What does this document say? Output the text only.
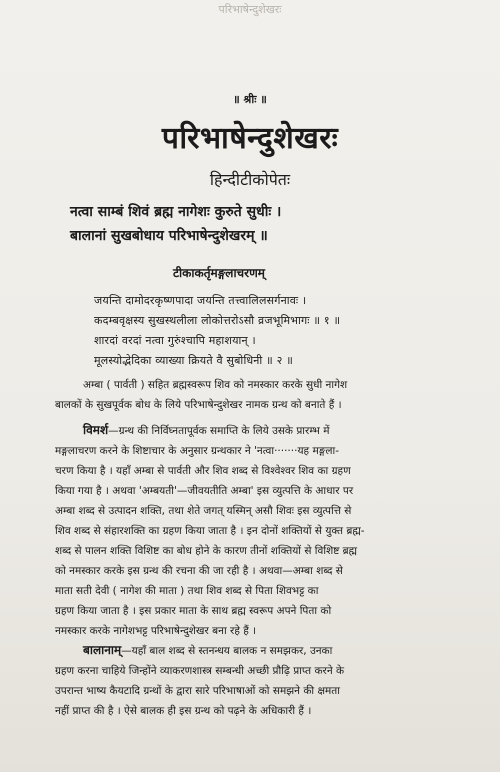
परिभाषेन्दुशेखरः
॥ श्रीः ॥
परिभाषेन्दुशेखरः
हिन्दीटीकोपेतः
नत्वा साम्बं शिवं ब्रह्म नागेशः कुरुते सुधीः ।
बालानां सुखबोधाय परिभाषेन्दुशेखरम् ॥
टीकाकर्तृमङ्गलाचरणम्
जयन्ति दामोदरकृष्णपादा जयन्ति तत्त्वालिलसर्गनावः ।
कदम्बवृक्षस्य सुखस्थलीला लोकोत्तरोऽसौ व्रजभूमिभागः ॥ १ ॥
शारदां वरदां नत्वा गुरुंश्चापि महाशयान् ।
मूलस्योद्भेदिका व्याख्या क्रियते वै सुबोधिनी ॥ २ ॥
अम्बा ( पार्वती ) सहित ब्रह्मस्वरूप शिव को नमस्कार करके सुधी नागेश
बालकों के सुखपूर्वक बोध के लिये परिभाषेन्दुशेखर नामक ग्रन्थ को बनाते हैं ।
विमर्श—ग्रन्थ की निर्विघ्नतापूर्वक समाप्ति के लिये उसके प्रारम्भ में
मङ्गलाचरण करने के शिष्टाचार के अनुसार ग्रन्थकार ने 'नत्वा·······यह मङ्गला-
चरण किया है । यहाँ अम्बा से पार्वती और शिव शब्द से विश्वेश्वर शिव का ग्रहण
किया गया है । अथवा 'अम्बयती'—जीवयतीति अम्बा' इस व्युत्पत्ति के आधार पर
अम्बा शब्द से उत्पादन शक्ति, तथा शेते जगत् यस्मिन् असौ शिवः इस व्युत्पत्ति से
शिव शब्द से संहारशक्ति का ग्रहण किया जाता है । इन दोनों शक्तियों से युक्त ब्रह्म-
शब्द से पालन शक्ति विशिष्ट का बोध होने के कारण तीनों शक्तियों से विशिष्ट ब्रह्म
को नमस्कार करके इस ग्रन्थ की रचना की जा रही है । अथवा—अम्बा शब्द से
माता सती देवी ( नागेश की माता ) तथा शिव शब्द से पिता शिवभट्ट का
ग्रहण किया जाता है । इस प्रकार माता के साथ ब्रह्म स्वरूप अपने पिता को
नमस्कार करके नागेशभट्ट परिभाषेन्दुशेखर बना रहे हैं ।
बालानाम्—यहाँ बाल शब्द से स्तनन्धय बालक न समझकर, उनका
ग्रहण करना चाहिये जिन्होंने व्याकरणशास्त्र सम्बन्धी अच्छी प्रौढ़ि प्राप्त करने के
उपरान्त भाष्य कैयटादि ग्रन्थों के द्वारा सारे परिभाषाओं को समझने की क्षमता
नहीं प्राप्त की है । ऐसे बालक ही इस ग्रन्थ को पढ़ने के अधिकारी हैं ।
